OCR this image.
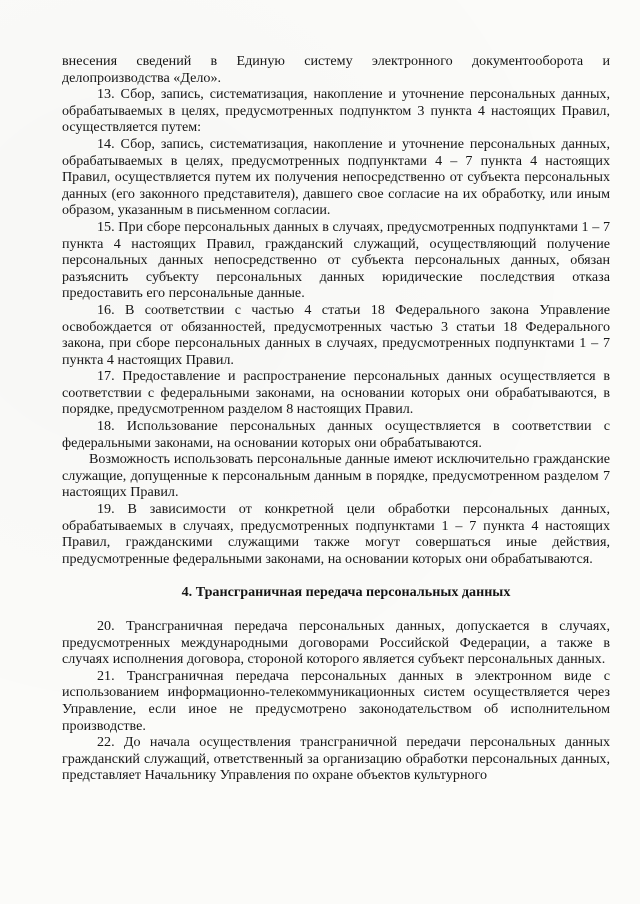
внесения сведений в Единую систему электронного документооборота и делопроизводства «Дело».

13. Сбор, запись, систематизация, накопление и уточнение персональных данных, обрабатываемых в целях, предусмотренных подпунктом 3 пункта 4 настоящих Правил, осуществляется путем:

14. Сбор, запись, систематизация, накопление и уточнение персональных данных, обрабатываемых в целях, предусмотренных подпунктами 4 – 7 пункта 4 настоящих Правил, осуществляется путем их получения непосредственно от субъекта персональных данных (его законного представителя), давшего свое согласие на их обработку, или иным образом, указанным в письменном согласии.

15. При сборе персональных данных в случаях, предусмотренных подпунктами 1 – 7 пункта 4 настоящих Правил, гражданский служащий, осуществляющий получение персональных данных непосредственно от субъекта персональных данных, обязан разъяснить субъекту персональных данных юридические последствия отказа предоставить его персональные данные.

16. В соответствии с частью 4 статьи 18 Федерального закона Управление освобождается от обязанностей, предусмотренных частью 3 статьи 18 Федерального закона, при сборе персональных данных в случаях, предусмотренных подпунктами 1 – 7 пункта 4 настоящих Правил.

17. Предоставление и распространение персональных данных осуществляется в соответствии с федеральными законами, на основании которых они обрабатываются, в порядке, предусмотренном разделом 8 настоящих Правил.

18. Использование персональных данных осуществляется в соответствии с федеральными законами, на основании которых они обрабатываются.

Возможность использовать персональные данные имеют исключительно гражданские служащие, допущенные к персональным данным в порядке, предусмотренном разделом 7 настоящих Правил.

19. В зависимости от конкретной цели обработки персональных данных, обрабатываемых в случаях, предусмотренных подпунктами 1 – 7 пункта 4 настоящих Правил, гражданскими служащими также могут совершаться иные действия, предусмотренные федеральными законами, на основании которых они обрабатываются.

4. Трансграничная передача персональных данных

20. Трансграничная передача персональных данных, допускается в случаях, предусмотренных международными договорами Российской Федерации, а также в случаях исполнения договора, стороной которого является субъект персональных данных.

21. Трансграничная передача персональных данных в электронном виде с использованием информационно-телекоммуникационных систем осуществляется через Управление, если иное не предусмотрено законодательством об исполнительном производстве.

22. До начала осуществления трансграничной передачи персональных данных гражданский служащий, ответственный за организацию обработки персональных данных, представляет Начальнику Управления по охране объектов культурного
